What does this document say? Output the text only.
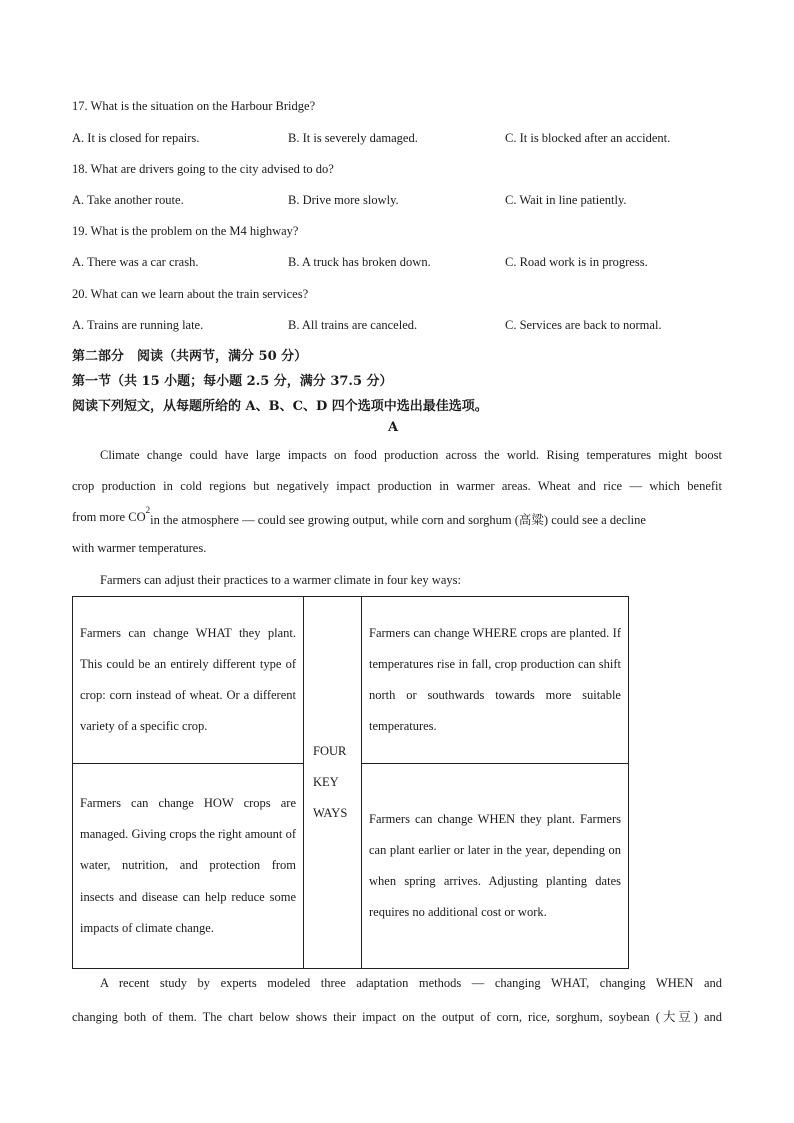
17. What is the situation on the Harbour Bridge?
A. It is closed for repairs.	B. It is severely damaged.	C. It is blocked after an accident.
18. What are drivers going to the city advised to do?
A. Take another route.	B. Drive more slowly.	C. Wait in line patiently.
19. What is the problem on the M4 highway?
A. There was a car crash.	B. A truck has broken down.	C. Road work is in progress.
20. What can we learn about the train services?
A. Trains are running late.	B. All trains are canceled.	C. Services are back to normal.
第二部分　阅读（共两节，满分 50 分）
第一节（共 15 小题；每小题 2.5 分，满分 37.5 分）
阅读下列短文，从每题所给的 A、B、C、D 四个选项中选出最佳选项。
A
Climate change could have large impacts on food production across the world. Rising temperatures might boost
crop production in cold regions but negatively impact production in warmer areas. Wheat and rice — which benefit
from more CO 2
in the atmosphere — could see growing output, while corn and sorghum (高粱) could see a decline
with warmer temperatures.
Farmers can adjust their practices to a warmer climate in four key ways:
Farmers can change WHAT they plant. This could be an entirely different type of crop: corn instead of wheat. Or a different variety of a specific crop.	FOUR KEY WAYS	Farmers can change WHERE crops are planted. If temperatures rise in fall, crop production can shift north or southwards towards more suitable temperatures.
Farmers can change HOW crops are managed. Giving crops the right amount of water, nutrition, and protection from insects and disease can help reduce some impacts of climate change.		Farmers can change WHEN they plant. Farmers can plant earlier or later in the year, depending on when spring arrives. Adjusting planting dates requires no additional cost or work.
A recent study by experts modeled three adaptation methods — changing WHAT, changing WHEN and
changing both of them. The chart below shows their impact on the output of corn, rice, sorghum, soybean (大豆) and
